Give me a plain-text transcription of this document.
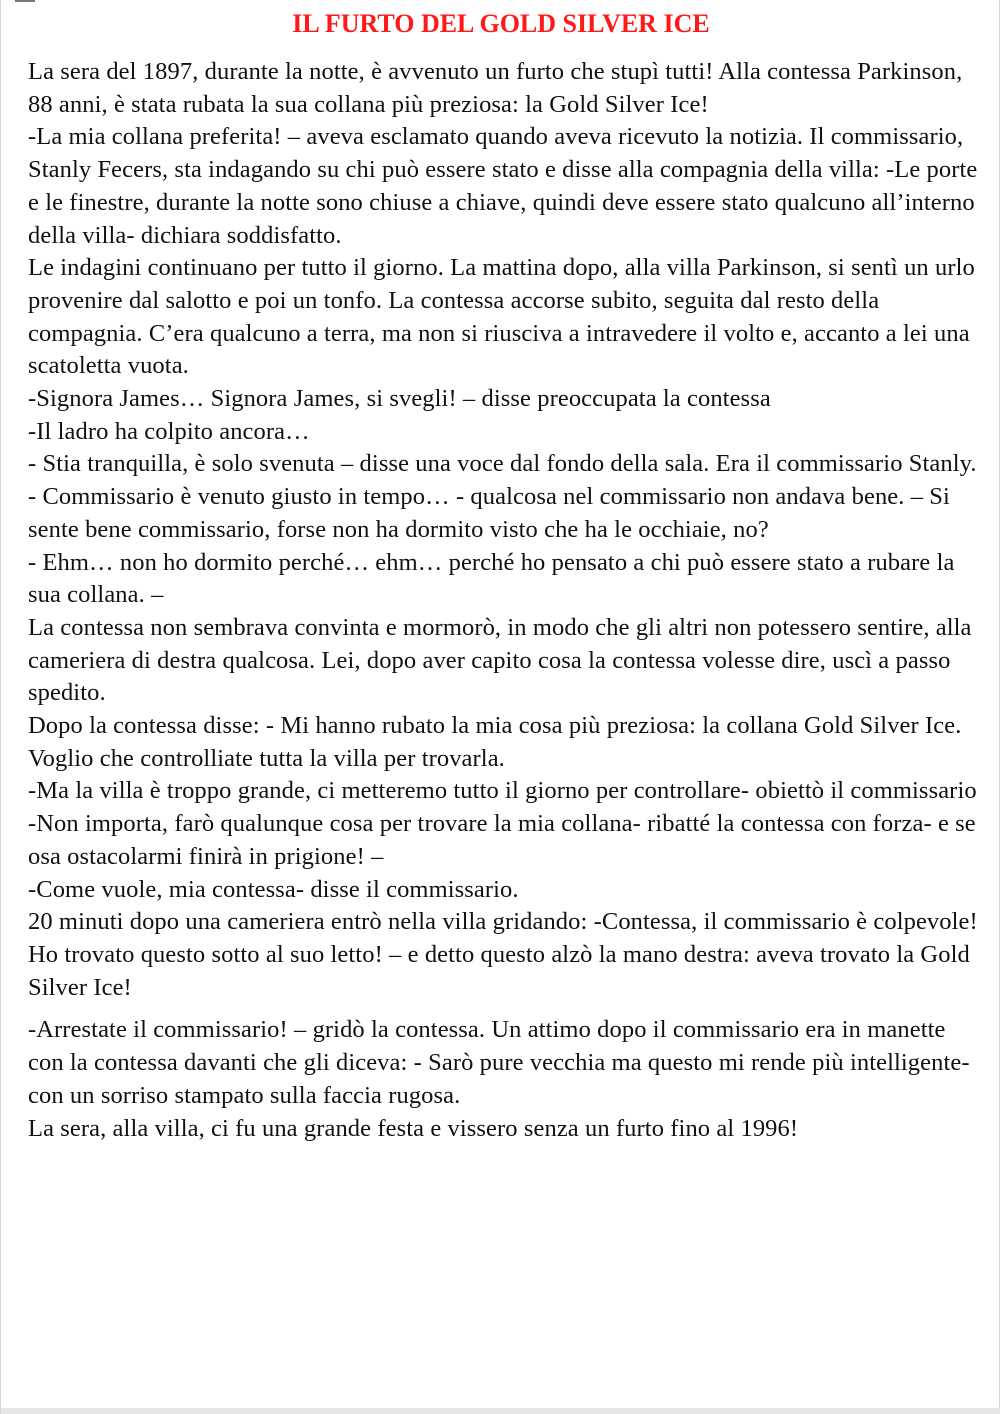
IL FURTO DEL GOLD SILVER ICE

La sera del 1897, durante la notte, è avvenuto un furto che stupì tutti! Alla contessa Parkinson, 88 anni, è stata rubata la sua collana più preziosa: la Gold Silver Ice!

-La mia collana preferita! – aveva esclamato quando aveva ricevuto la notizia. Il commissario, Stanly Fecers, sta indagando su chi può essere stato e disse alla compagnia della villa: -Le porte e le finestre, durante la notte sono chiuse a chiave, quindi deve essere stato qualcuno all’interno della villa- dichiara soddisfatto.

Le indagini continuano per tutto il giorno. La mattina dopo, alla villa Parkinson, si sentì un urlo provenire dal salotto e poi un tonfo. La contessa accorse subito, seguita dal resto della compagnia. C’era qualcuno a terra, ma non si riusciva a intravedere il volto e, accanto a lei una scatoletta vuota.

-Signora James… Signora James, si svegli! – disse preoccupata la contessa

-Il ladro ha colpito ancora…

- Stia tranquilla, è solo svenuta – disse una voce dal fondo della sala. Era il commissario Stanly.

- Commissario è venuto giusto in tempo… - qualcosa nel commissario non andava bene. – Si sente bene commissario, forse non ha dormito visto che ha le occhiaie, no?

- Ehm… non ho dormito perché… ehm… perché ho pensato a chi può essere stato a rubare la sua collana. –

La contessa non sembrava convinta e mormorò, in modo che gli altri non potessero sentire, alla cameriera di destra qualcosa. Lei, dopo aver capito cosa la contessa volesse dire, uscì a passo spedito.

Dopo la contessa disse: - Mi hanno rubato la mia cosa più preziosa: la collana Gold Silver Ice. Voglio che controlliate tutta la villa per trovarla.

-Ma la villa è troppo grande, ci metteremo tutto il giorno per controllare- obiettò il commissario

-Non importa, farò qualunque cosa per trovare la mia collana- ribatté la contessa con forza- e se osa ostacolarmi finirà in prigione! –

-Come vuole, mia contessa- disse il commissario.

20 minuti dopo una cameriera entrò nella villa gridando: -Contessa, il commissario è colpevole! Ho trovato questo sotto al suo letto! – e detto questo alzò la mano destra: aveva trovato la Gold Silver Ice!

-Arrestate il commissario! – gridò la contessa. Un attimo dopo il commissario era in manette con la contessa davanti che gli diceva: - Sarò pure vecchia ma questo mi rende più intelligente- con un sorriso stampato sulla faccia rugosa.

La sera, alla villa, ci fu una grande festa e vissero senza un furto fino al 1996!
